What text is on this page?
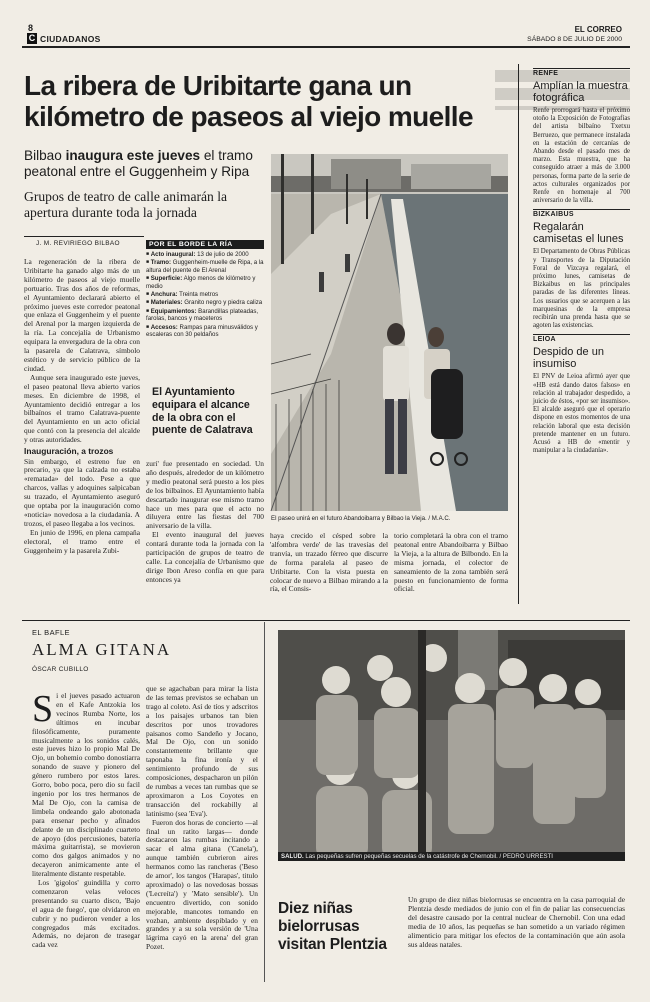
8
C CIUDADANOS
EL CORREO
SÁBADO 8 DE JULIO DE 2000
La ribera de Uribitarte gana un kilómetro de paseos al viejo muelle
Bilbao inaugura este jueves el tramo peatonal entre el Guggenheim y Ripa
Grupos de teatro de calle animarán la apertura durante toda la jornada
J. M. REVIRIEGO BILBAO

La regeneración de la ribera de Uribitarte ha ganado algo más de un kilómetro de paseos al viejo muelle portuario. Tras dos años de reformas, el Ayuntamiento declarará abierto el próximo jueves este corredor peatonal que enlaza el Guggenheim y el puente del Arenal por la margen izquierda de la ría. La concejalía de Urbanismo equipara la envergadura de la obra con la pasarela de Calatrava, símbolo estético y de servicio público de la ciudad.

Aunque sera inaugurado este jueves, el paseo peatonal lleva abierto varios meses. En diciembre de 1998, el Ayuntamiento decidió entregar a los bilbaínos el tramo Calatrava-puente del Ayuntamiento en un acto oficial que contó con la presencia del alcalde y otras autoridades.

Inauguración, a trozos

Sin embargo, el estreno fue en precario, ya que la calzada no estaba «rematada» del todo. Pese a que charcos, vallas y adoquines salpicaban su trazado, el Ayuntamiento aseguró que optaba por la inauguración como «noticia» novedosa a la ciudadanía. A trozos, el paseo llegaba a los vecinos.

En junio de 1996, en plena campaña electoral, el tramo entre el Guggenheim y la pasarela Zubi-

POR EL BORDE LA RÍA
■ Acto inaugural: 13 de julio de 2000
■ Tramo: Guggenheim-muelle de Ripa, a la altura del puente de El Arenal
■ Superficie: Algo menos de kilómetro y medio
■ Anchura: Treinta metros
■ Materiales: Granito negro y piedra caliza
■ Equipamientos: Barandillas plateadas, farolas, bancos y maceteros
■ Accesos: Rampas para minusválidos y escaleras con 30 peldaños
El Ayuntamiento equipara el alcance de la obra con el puente de Calatrava

zuri' fue presentado en sociedad. Un año después, alrededor de un kilómetro y medio peatonal será puesto a los pies de los bilbaínos. El Ayuntamiento había descartado inaugurar ese mismo tramo hace un mes para que el acto no diluyera entre las fiestas del 700 aniversario de la villa.

El evento inaugural del jueves contará durante toda la jornada con la participación de grupos de teatro de calle. La concejalía de Urbanismo que dirige Ibon Areso confía en que para entonces ya

haya crecido el césped sobre la 'alfombra verde' de las travesías del tranvía, un trazado férreo que discurre de forma paralela al paseo de Uribitarte. Con la vista puesta en colocar de nuevo a Bilbao mirando a la ría, el Consis-

torio completará la obra con el tramo peatonal entre Abandoibarra y Bilbao la Vieja, a la altura de Bilbondo. En la misma jornada, el colector de saneamiento de la zona también será puesto en funcionamiento de forma oficial.

El paseo unirá en el futuro Abandoibarra y Bilbao la Vieja. / M.A.C.
RENFE
Amplían la muestra fotográfica

Renfe prorrogará hasta el próximo otoño la Exposición de Fotografías del artista bilbaíno Txetxu Berruezo, que permanece instalada en la estación de cercanías de Abando desde el pasado mes de marzo. Esta muestra, que ha conseguido atraer a más de 3.000 personas, forma parte de la serie de actos culturales organizados por Renfe en homenaje al 700 aniversario de la villa.

BIZKAIBUS
Regalarán camisetas el lunes

El Departamento de Obras Públicas y Transportes de la Diputación Foral de Vizcaya regalará, el próximo lunes, camisetas de Bizkaibus en las principales paradas de las diferentes líneas. Los usuarios que se acerquen a las marquesinas de la empresa recibirán una prenda hasta que se agoten las existencias.

LEIOA
Despido de un insumiso

El PNV de Leioa afirmó ayer que «HB está dando datos falsos» en relación al trabajador despedido, a juicio de éstos, «por ser insumiso». El alcalde aseguró que el operario dispone en estos momentos de una relación laboral que esta decisión pretende mantener en un futuro. Acusó a HB de «mentir y manipular a la ciudadanía».

EL BAFLE
ALMA GITANA
ÓSCAR CUBILLO
S i el jueves pasado actuaron en el Kafe Antzokia los vecinos Rumba Norte, los últimos en incubar filosóficamente, puramente musicalmente a los sonidos calés, este jueves hizo lo propio Mal De Ojo, un bohemio combo donostiarra sonando de suave y pionero del género rumbero por estos lares. Gorro, bobo poca, pero dio su facil ingenio por los tres hermanos de Mal De Ojo, con la camisa de limbela ondeando galo abotonada para ensenar pecho y afinados delante de un disciplinado cuarteto de apoyo (dos percusiones, batería máxima guitarrista), se movieron como dos galgos animados y no decayeron animicamente ante el literalmente distante respetable.

Los 'gigolos' guindilla y corro comenzaron velas veloces presentando su cuarto disco, 'Bajo el agua de fuego', que olvidaron en cubrir y no pudieron vender a los congregados más excitados. Además, no dejaron de trasegar cada vez

que se agachaban para mirar la lista de las temas previstos se echaban un trago al coleto. Así de tíos y adscritos a los paisajes urbanos tan bien descritos por unos trovadores paisanos como Sandeño y Jocano, Mal De Ojo, con un sonido constantemente brillante que taponaba la fina ironía y el sentimiento profundo de sus composiciones, despacharon un pilón de rumbas a veces tan rumbas que se aproximaron a Los Coyotes en transacción del rockabilly al latinismo (sea 'Eva').

Fueron dos horas de concierto —al final un ratito largas— donde destacaron las rumbas incitando a sacar el alma gitana ('Canela'), aunque también cubrieron aires hermanos como las rancheras ('Beso de amor', los tangos ('Harapas', titulo aproximado) o las novedosas bossas ('Lecreíta') y 'Mato sensible'). Un encuentro divertido, con sonido mejorable, mancotes tomando en vozban, ambiente despiblado y en grandes y a su sola versión de 'Una lágrima cayó en la arena' del gran Pozet.

SALUD. Las pequeñas sufren pequeñas secuelas de la catástrofe de Chernobil. / PEDRO URRESTI
Diez niñas bielorrusas visitan Plentzia

Un grupo de diez niñas bielorrusas se encuentra en la casa parroquial de Plentzia desde mediados de junio con el fin de paliar las consecuencias del desastre causado por la central nuclear de Chernobil. Con una edad media de 10 años, las pequeñas se han sometido a un variado régimen alimenticio para mitigar los efectos de la contaminación que aún asola sus aldeas natales.
